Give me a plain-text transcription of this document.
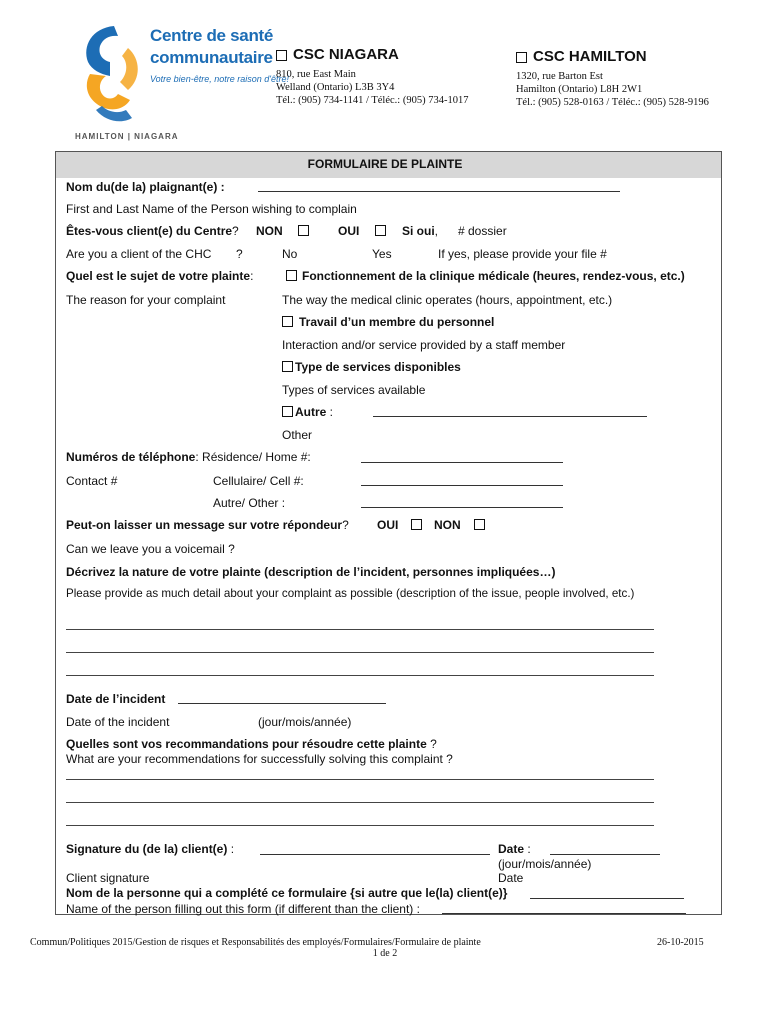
Centre de santé
communautaire
Votre bien-être, notre raison d'être!
HAMILTON | NIAGARA
CSC NIAGARA
810, rue East Main
Welland (Ontario) L3B 3Y4
Tél.: (905) 734-1141 / Téléc.: (905) 734-1017
CSC HAMILTON
1320, rue Barton Est
Hamilton (Ontario) L8H 2W1
Tél.: (905) 528-0163 / Téléc.: (905) 528-9196
FORMULAIRE DE PLAINTE
Nom du(de la) plaignant(e) :
First and Last Name of the Person wishing to complain
Êtes-vous client(e) du Centre? NON	OUI	Si oui, # dossier
Are you a client of the CHC ?	No	Yes	If yes, please provide your file #
Quel est le sujet de votre plainte:	Fonctionnement de la clinique médicale (heures, rendez-vous, etc.)
The reason for your complaint	The way the medical clinic operates (hours, appointment, etc.)
Travail d’un membre du personnel
Interaction and/or service provided by a staff member
Type de services disponibles
Types of services available
Autre :
Other
Numéros de téléphone: Résidence/ Home #:
Contact #	Cellulaire/ Cell #:
Autre/ Other :
Peut-on laisser un message sur votre répondeur? OUI	NON
Can we leave you a voicemail ?
Décrivez la nature de votre plainte (description de l’incident, personnes impliquées…)
Please provide as much detail about your complaint as possible (description of the issue, people involved, etc.)
Date de l’incident
Date of the incident	(jour/mois/année)
Quelles sont vos recommandations pour résoudre cette plainte ?
What are your recommendations for successfully solving this complaint ?
Signature du (de la) client(e) :	Date :
(jour/mois/année)
Client signature	Date
Nom de la personne qui a complété ce formulaire {si autre que le(la) client(e)}
Name of the person filling out this form (if different than the client) :
Commun/Politiques 2015/Gestion de risques et Responsabilités des employés/Formulaires/Formulaire de plainte	26-10-2015
1 de 2
